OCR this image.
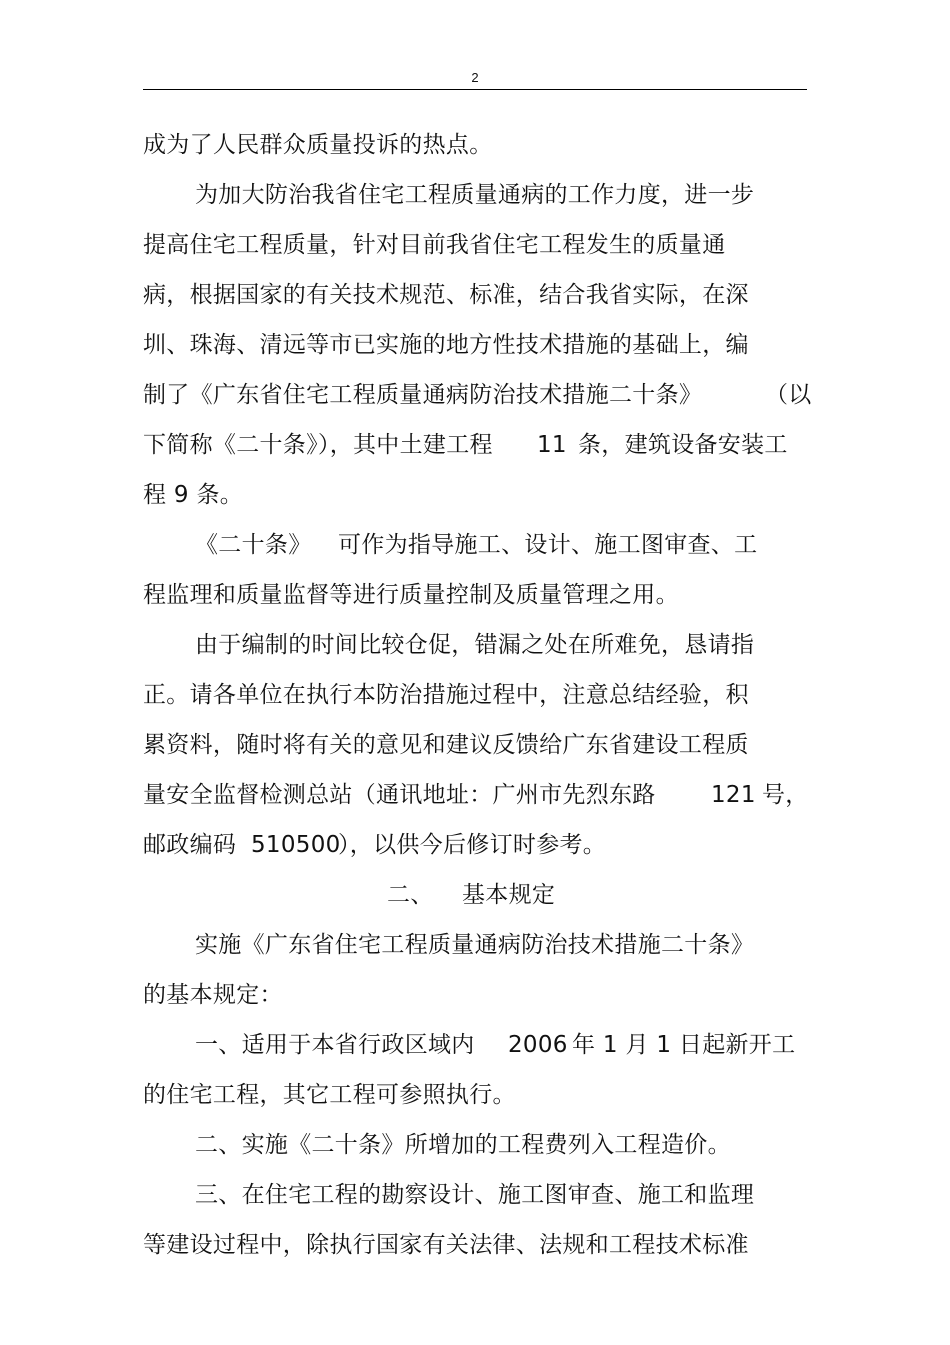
2
成为了人民群众质量投诉的热点。
为加大防治我省住宅工程质量通病的工作力度，进一步
提高住宅工程质量，针对目前我省住宅工程发生的质量通
病，根据国家的有关技术规范、标准，结合我省实际，在深
圳、珠海、清远等市已实施的地方性技术措施的基础上，编
制了《广东省住宅工程质量通病防治技术措施二十条》	（以
下简称《二十条》），其中土建工程 11 条，建筑设备安装工
程 9 条。
《二十条》 可作为指导施工、设计、施工图审查、工
程监理和质量监督等进行质量控制及质量管理之用。
由于编制的时间比较仓促，错漏之处在所难免，恳请指
正。请各单位在执行本防治措施过程中，注意总结经验，积
累资料，随时将有关的意见和建议反馈给广东省建设工程质
量安全监督检测总站（通讯地址：广州市先烈东路 121 号，
邮政编码 510500
），以供今后修订时参考。
二、 基本规定
实施《广东省住宅工程质量通病防治技术措施二十条》
的基本规定：
一、适用于本省行政区域内 2006 年 1 月 1 日起新开工
的住宅工程，其它工程可参照执行。
二、实施《二十条》所增加的工程费列入工程造价。
三、在住宅工程的勘察设计、施工图审查、施工和监理
等建设过程中，除执行国家有关法律、法规和工程技术标准
